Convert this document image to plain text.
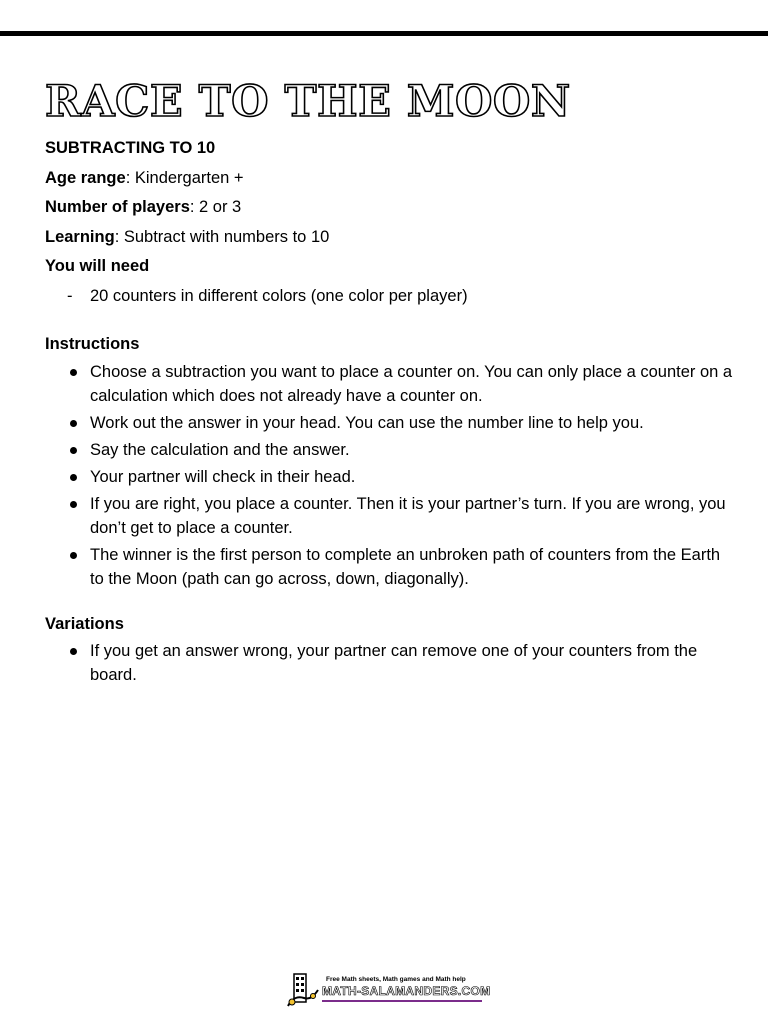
RACE TO THE MOON
SUBTRACTING TO 10
Age range: Kindergarten +
Number of players: 2 or 3
Learning: Subtract with numbers to 10
You will need
- 20 counters in different colors (one color per player)
Instructions
Choose a subtraction you want to place a counter on. You can only place a counter on a calculation which does not already have a counter on.
Work out the answer in your head. You can use the number line to help you.
Say the calculation and the answer.
Your partner will check in their head.
If you are right, you place a counter. Then it is your partner’s turn. If you are wrong, you don’t get to place a counter.
The winner is the first person to complete an unbroken path of counters from the Earth to the Moon (path can go across, down, diagonally).
Variations
If you get an answer wrong, your partner can remove one of your counters from the board.
Free Math sheets, Math games and Math help
MATH-SALAMANDERS.COM
